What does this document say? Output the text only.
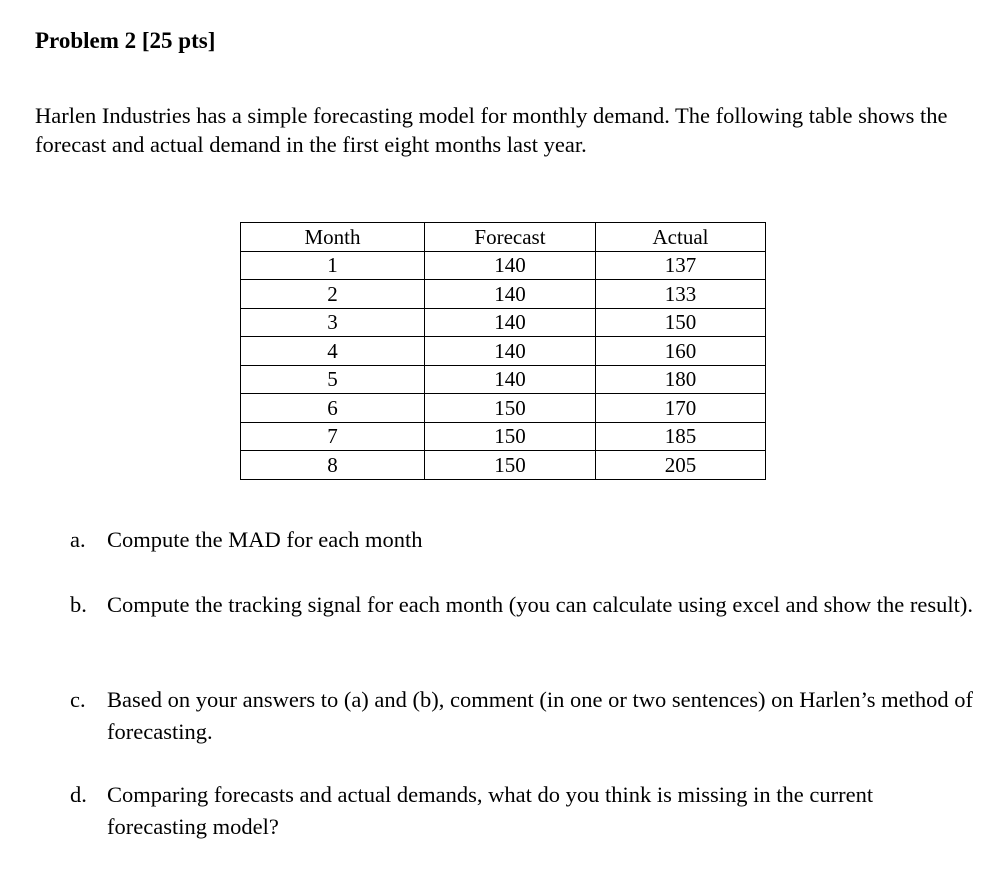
Problem 2 [25 pts]
Harlen Industries has a simple forecasting model for monthly demand. The following table shows the forecast and actual demand in the first eight months last year.
Month	Forecast	Actual
1	140	137
2	140	133
3	140	150
4	140	160
5	140	180
6	150	170
7	150	185
8	150	205
a. Compute the MAD for each month
b. Compute the tracking signal for each month (you can calculate using excel and show the result).
c. Based on your answers to (a) and (b), comment (in one or two sentences) on Harlen’s method of forecasting.
d. Comparing forecasts and actual demands, what do you think is missing in the current forecasting model?
